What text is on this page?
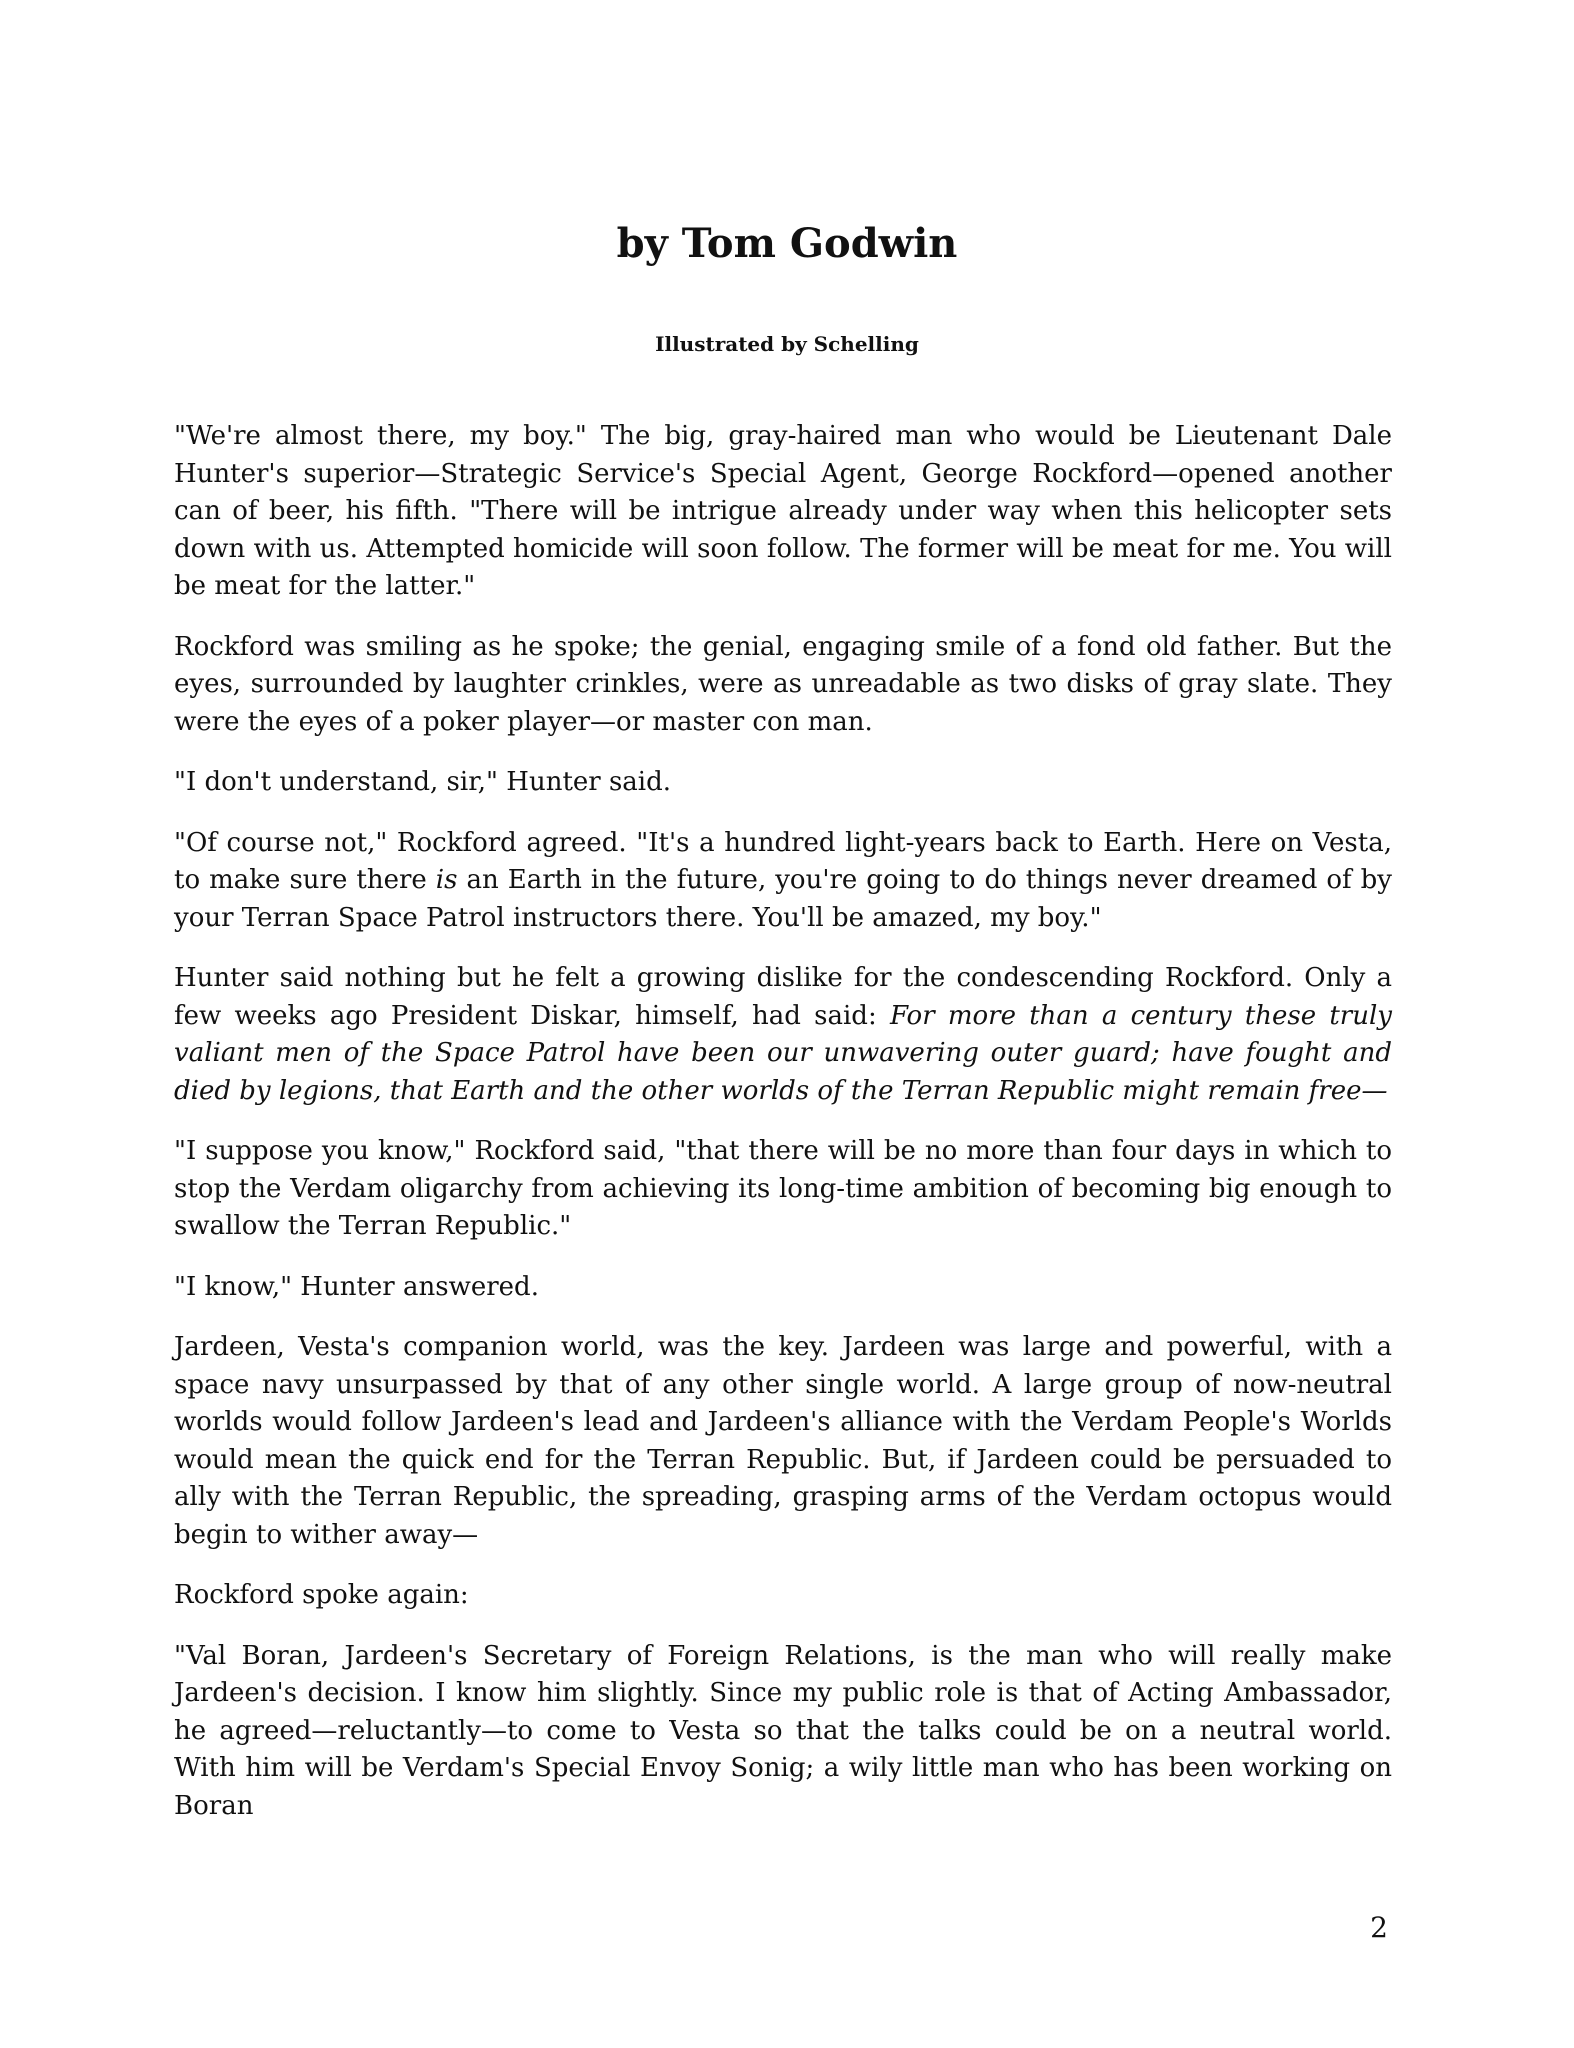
by Tom Godwin

Illustrated by Schelling

"We're almost there, my boy." The big, gray-haired man who would be Lieutenant Dale Hunter's superior—Strategic Service's Special Agent, George Rockford—opened another can of beer, his fifth. "There will be intrigue already under way when this helicopter sets down with us. Attempted homicide will soon follow. The former will be meat for me. You will be meat for the latter."

Rockford was smiling as he spoke; the genial, engaging smile of a fond old father. But the eyes, surrounded by laughter crinkles, were as unreadable as two disks of gray slate. They were the eyes of a poker player—or master con man.

"I don't understand, sir," Hunter said.

"Of course not," Rockford agreed. "It's a hundred light-years back to Earth. Here on Vesta, to make sure there is an Earth in the future, you're going to do things never dreamed of by your Terran Space Patrol instructors there. You'll be amazed, my boy."

Hunter said nothing but he felt a growing dislike for the condescending Rockford. Only a few weeks ago President Diskar, himself, had said: For more than a century these truly valiant men of the Space Patrol have been our unwavering outer guard; have fought and died by legions, that Earth and the other worlds of the Terran Republic might remain free—

"I suppose you know," Rockford said, "that there will be no more than four days in which to stop the Verdam oligarchy from achieving its long-time ambition of becoming big enough to swallow the Terran Republic."

"I know," Hunter answered.

Jardeen, Vesta's companion world, was the key. Jardeen was large and powerful, with a space navy unsurpassed by that of any other single world. A large group of now-neutral worlds would follow Jardeen's lead and Jardeen's alliance with the Verdam People's Worlds would mean the quick end for the Terran Republic. But, if Jardeen could be persuaded to ally with the Terran Republic, the spreading, grasping arms of the Verdam octopus would begin to wither away—

Rockford spoke again:

"Val Boran, Jardeen's Secretary of Foreign Relations, is the man who will really make Jardeen's decision. I know him slightly. Since my public role is that of Acting Ambassador, he agreed—reluctantly—to come to Vesta so that the talks could be on a neutral world. With him will be Verdam's Special Envoy Sonig; a wily little man who has been working on Boran

2
